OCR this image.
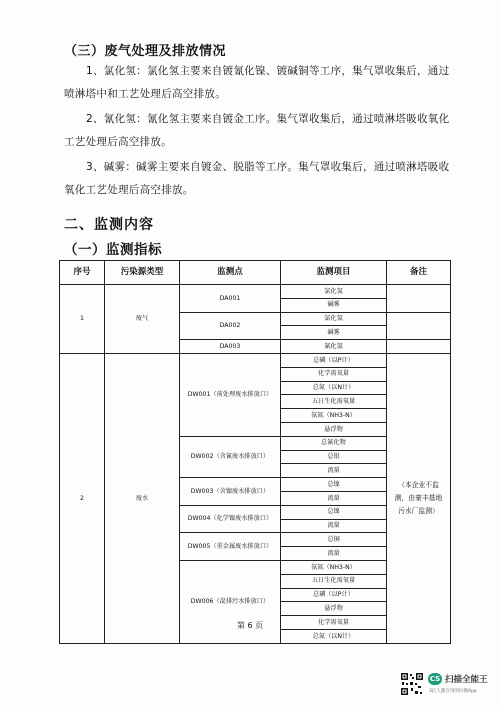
（三）废气处理及排放情况
1、氯化氢：氯化氢主要来自镀氰化镍、镀碱铜等工序，集气罩收集后，通过喷淋塔中和工艺处理后高空排放。
2、氰化氢：氰化氢主要来自镀金工序。集气罩收集后，通过喷淋塔吸收氧化工艺处理后高空排放。
3、碱雾：碱雾主要来自镀金、脱脂等工序。集气罩收集后，通过喷淋塔吸收氧化工艺处理后高空排放。
二、监测内容
（一）监测指标
序号	污染源类型	监测点	监测项目	备注
1	废气	DA001	氯化氢	
			碱雾	
		DA002	氯化氢	
			碱雾	
		DA003	氰化氢	
2	废水	DW001（前处理废水排放口）	总磷（以P计）	（本企业不监测，由豪丰基地污水厂监测）
			化学需氧量	
			总氮（以N计）	
			五日生化需氧量	
			氨氮（NH3-N）	
			悬浮物	
		DW002（含氰废水排放口）	总氰化物	
			总银	
			流量	
		DW003（含镍废水排放口）	总镍	
			流量	
		DW004（化学镍废水排放口）	总镍	
			流量	
		DW005（重金属废水排放口）	总铜	
			流量	
		DW006（混排污水排放口）	氨氮（NH3-N）	
			五日生化需氧量	
			总磷（以P计）	
			悬浮物	
			化学需氧量	
			总氮（以N计）	
第 6 页
CS 扫描全能王
3亿人都在用的扫描App
